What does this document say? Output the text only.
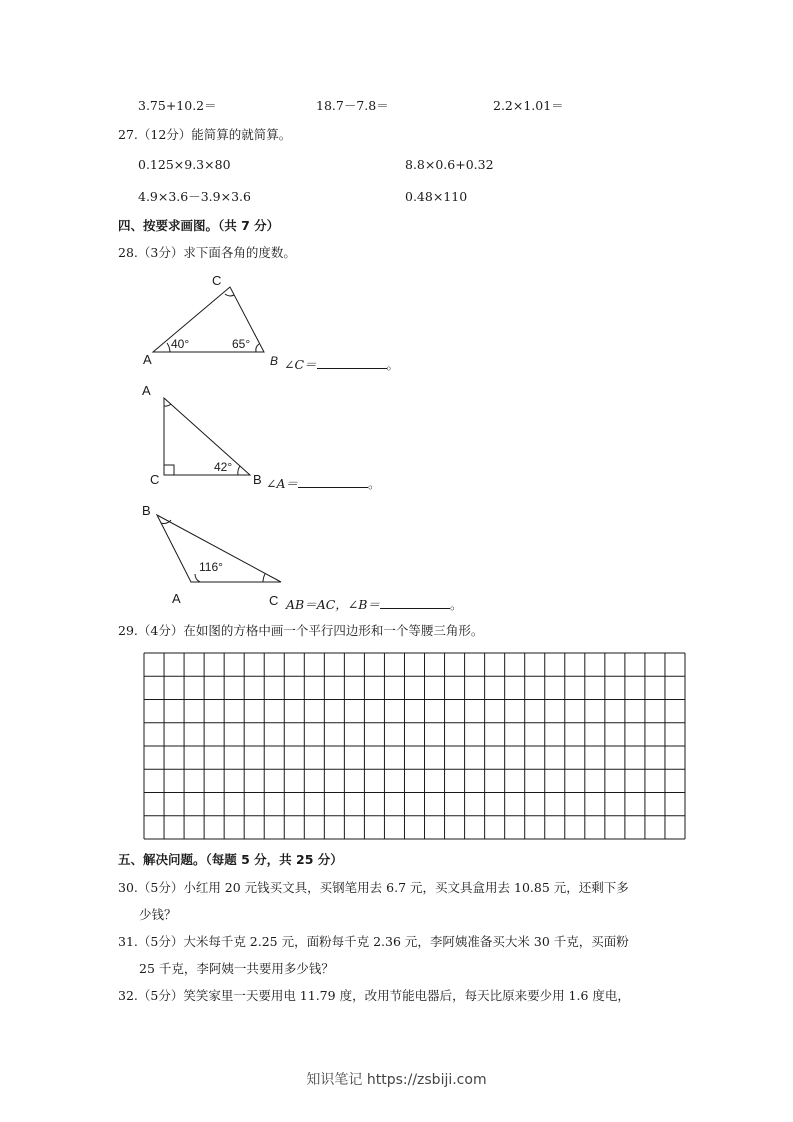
3.75+10.2＝	18.7－7.8＝	2.2×1.01＝
27.（12分）能简算的就简算。
0.125×9.3×80	8.8×0.6+0.32
4.9×3.6－3.9×3.6	0.48×110
四、按要求画图。（共 7 分）
28.（3分）求下面各角的度数。
A
C
B
40°	65°
A
C	B
42°
B
A	C
116°
∠C＝	。
∠A＝	。
AB＝AC，∠B＝	。
29.（4分）在如图的方格中画一个平行四边形和一个等腰三角形。
五、解决问题。（每题 5 分，共 25 分）
30.（5分）小红用 20 元钱买文具，买钢笔用去 6.7 元，买文具盒用去 10.85 元，还剩下多
少钱？
31.（5分）大米每千克 2.25 元，面粉每千克 2.36 元，李阿姨准备买大米 30 千克，买面粉
25 千克，李阿姨一共要用多少钱？
32.（5分）笑笑家里一天要用电 11.79 度，改用节能电器后，每天比原来要少用 1.6 度电，
知识笔记 https://zsbiji.com
